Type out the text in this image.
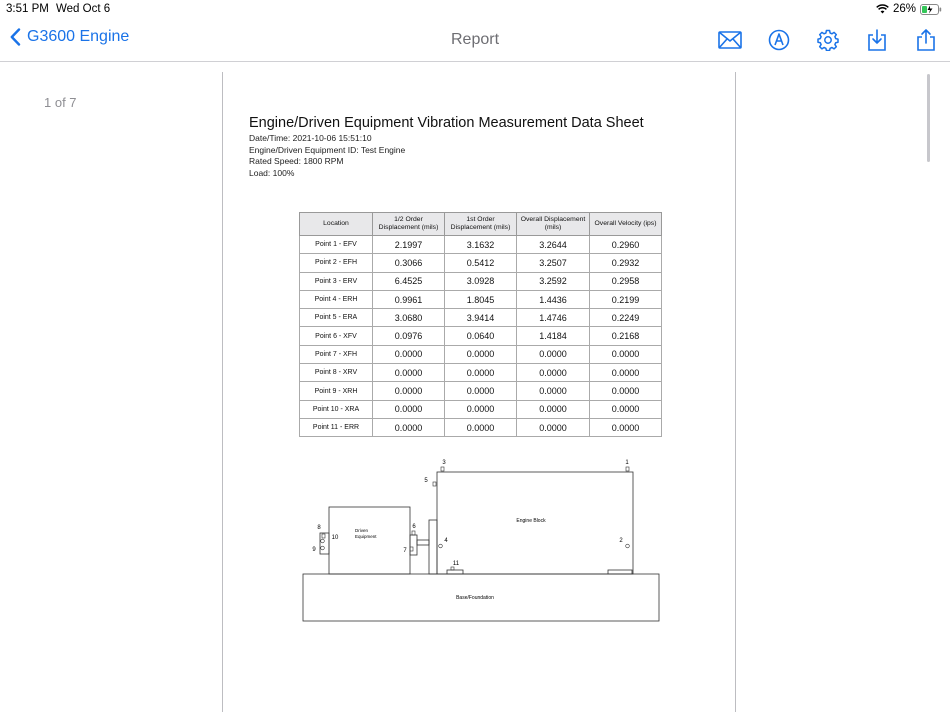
3:51 PM Wed Oct 6	26%
G3600 Engine	Report
1 of 7
Engine/Driven Equipment Vibration Measurement Data Sheet
Date/Time: 2021-10-06 15:51:10
Engine/Driven Equipment ID: Test Engine
Rated Speed: 1800 RPM
Load: 100%
Location	1/2 Order Displacement (mils)	1st Order Displacement (mils)	Overall Displacement (mils)	Overall Velocity (ips)
Point 1 - EFV	2.1997	3.1632	3.2644	0.2960
Point 2 - EFH	0.3066	0.5412	3.2507	0.2932
Point 3 - ERV	6.4525	3.0928	3.2592	0.2958
Point 4 - ERH	0.9961	1.8045	1.4436	0.2199
Point 5 - ERA	3.0680	3.9414	1.4746	0.2249
Point 6 - XFV	0.0976	0.0640	1.4184	0.2168
Point 7 - XFH	0.0000	0.0000	0.0000	0.0000
Point 8 - XRV	0.0000	0.0000	0.0000	0.0000
Point 9 - XRH	0.0000	0.0000	0.0000	0.0000
Point 10 - XRA	0.0000	0.0000	0.0000	0.0000
Point 11 - ERR	0.0000	0.0000	0.0000	0.0000
Base/Foundation
Engine Block
Driven
Equipment
1
2
3
4
5
6
7
8
9
10
11
